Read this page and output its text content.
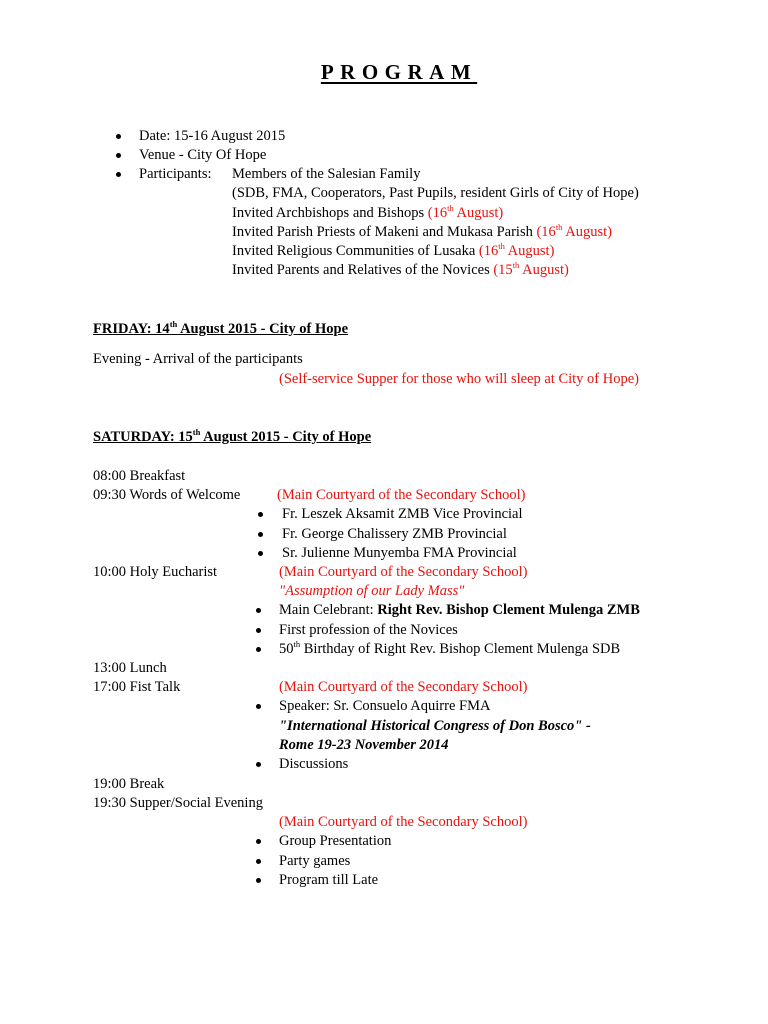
PROGRAM
Date: 15-16 August 2015
Venue - City Of Hope
Participants: Members of the Salesian Family
(SDB, FMA, Cooperators, Past Pupils, resident Girls of City of Hope)
Invited Archbishops and Bishops (16th August)
Invited Parish Priests of Makeni and Mukasa Parish (16th August)
Invited Religious Communities of Lusaka (16th August)
Invited Parents and Relatives of the Novices (15th August)
FRIDAY: 14th August 2015 - City of Hope
Evening - Arrival of the participants
(Self-service Supper for those who will sleep at City of Hope)
SATURDAY: 15th August 2015 - City of Hope
08:00 Breakfast
09:30 Words of Welcome	(Main Courtyard of the Secondary School)
Fr. Leszek Aksamit ZMB Vice Provincial
Fr. George Chalissery ZMB Provincial
Sr. Julienne Munyemba FMA Provincial
10:00 Holy Eucharist	(Main Courtyard of the Secondary School)
"Assumption of our Lady Mass"
Main Celebrant: Right Rev. Bishop Clement Mulenga ZMB
First profession of the Novices
50th Birthday of Right Rev. Bishop Clement Mulenga SDB
13:00 Lunch
17:00 Fist Talk	(Main Courtyard of the Secondary School)
Speaker: Sr. Consuelo Aquirre FMA
"International Historical Congress of Don Bosco" -
Rome 19-23 November 2014
Discussions
19:00 Break
19:30 Supper/Social Evening
(Main Courtyard of the Secondary School)
Group Presentation
Party games
Program till Late
